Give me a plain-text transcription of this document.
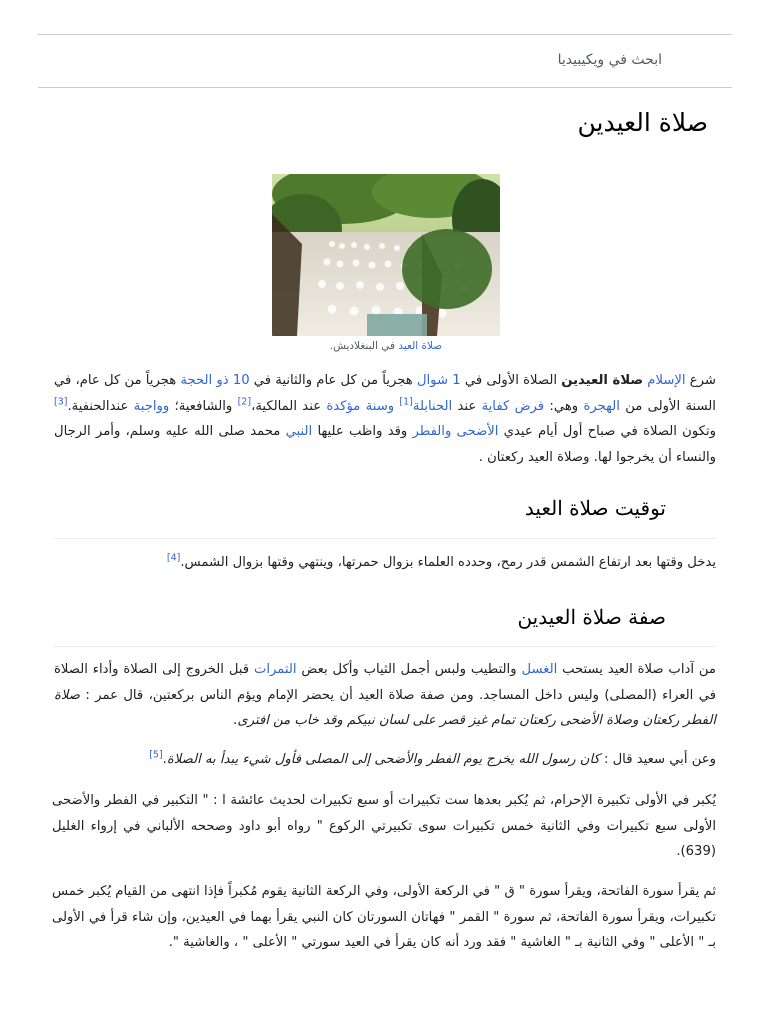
ابحث في ويكيبيديا
صلاة العيدين
صلاة العيد في البنغلاديش.

شرع الإسلام صلاة العيدين الصلاة الأولى في 1 شوال هجرياً من كل عام والثانية في 10 ذو الحجة هجرياً من كل عام، في السنة الأولى من الهجرة وهي: فرض كفاية عند الحنابلة[1] وسنة مؤكدة عند المالكية،[2] والشافعية؛ وواجبة عندالحنفية.[3] وتكون الصلاة في صباح أول أيام عيدي الأضحى والفطر وقد واظب عليها النبي محمد صلى الله عليه وسلم، وأمر الرجال والنساء أن يخرجوا لها. وصلاة العيد ركعتان .

توقيت صلاة العيد

يدخل وقتها بعد ارتفاع الشمس قدر رمح، وحدده العلماء بزوال حمرتها، وينتهي وقتها بزوال الشمس.[4]

صفة صلاة العيدين

من آداب صلاة العيد يستحب الغسل والتطيب ولبس أجمل الثياب وأكل بعض التمرات قبل الخروج إلى الصلاة وأداء الصلاة في العراء (المصلى) وليس داخل المساجد. ومن صفة صلاة العيد أن يحضر الإمام ويؤم الناس بركعتين، قال عمر : صلاة الفطر ركعتان وصلاة الأضحى ركعتان تمام غيز قصر على لسان نبيكم وقد خاب من افترى.

وعن أبي سعيد قال : كان رسول الله يخرج يوم الفطر والأضحى إلى المصلى فأول شيء يبدأ به الصلاة.[5]

يُكبر في الأولى تكبيرة الإحرام، ثم يُكبر بعدها ست تكبيرات أو سبع تكبيرات لحديث عائشة ا : " التكبير في الفطر والأضحى الأولى سبع تكبيرات وفي الثانية خمس تكبيرات سوى تكبيرتي الركوع " رواه أبو داود وصححه الألباني في إرواء الغليل (639).

ثم يقرأ سورة الفاتحة، ويقرأ سورة " ق " في الركعة الأولى، وفي الركعة الثانية يقوم مُكبراً فإذا انتهى من القيام يُكبر خمس تكبيرات، ويقرأ سورة الفاتحة، ثم سورة " القمر " فهاتان السورتان كان النبي يقرأ بهما في العيدين، وإن شاء قرأ في الأولى بـ " الأعلى " وفي الثانية بـ " الغاشية " فقد ورد أنه كان يقرأ في العيد سورتي " الأعلى " ، والغاشية ".
